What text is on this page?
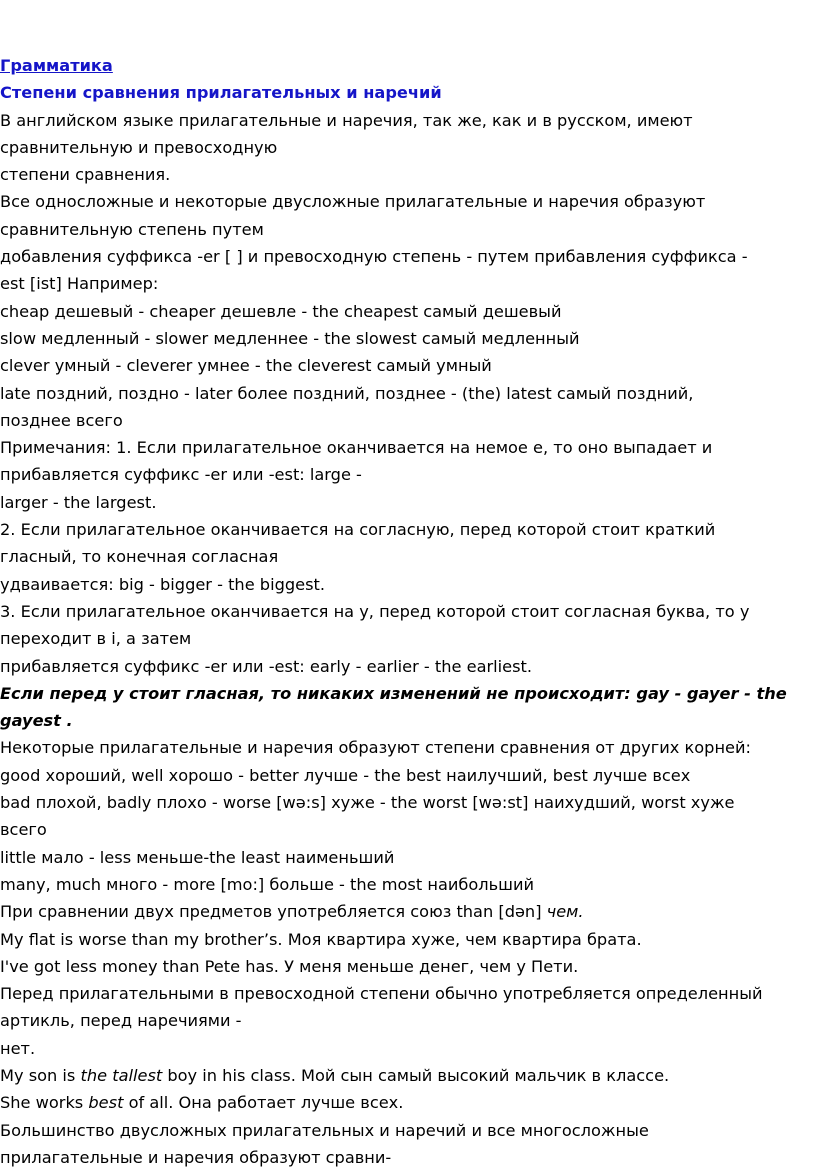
Грамматика

Степени сравнения прилагательных и наречий

В английском языке прилагательные и наречия, так же, как и в русском, имеют

сравнительную и превосходную

степени сравнения.

Все односложные и некоторые двусложные прилагательные и наречия образуют

сравнительную степень путем

добавления суффикса -er [ ] и превосходную степень - путем прибавления суффикса -

est [ist] Например:

cheap дешевый - cheaper дешевле - the cheapest самый дешевый

slow медленный - slower медленнее - the slowest самый медленный

clever умный - cleverer умнее - the cleverest самый умный

late поздний, поздно - later более поздний, позднее - (the) latest самый поздний,

позднее всего

Примечания: 1. Если прилагательное оканчивается на немое е, то оно выпадает и

прибавляется суффикс -er или -est: large -

larger - the largest.

2. Если прилагательное оканчивается на согласную, перед которой стоит краткий

гласный, то конечная согласная

удваивается: big - bigger - the biggest.

3. Если прилагательное оканчивается на y, перед которой стоит согласная буква, то y

переходит в i, а затем

прибавляется суффикс -er или -est: early - earlier - the earliest.

Если перед y стоит гласная, то никаких изменений не происходит: gay - gayer - the

gayest .

Некоторые прилагательные и наречия образуют степени сравнения от других корней:

good хороший, well хорошо - better лучше - the best наилучший, best лучше всех

bad плохой, badly плохо - worse [wə:s] хуже - the worst [wə:st] наихудший, worst хуже

всего

little мало - less меньше-the least наименьший

many, much много - more [mo:] больше - the most наибольший

При сравнении двух предметов употребляется союз than [dən] чем.

My flat is worse than my brother’s. Моя квартира хуже, чем квартира брата.

I've got less money than Pete has. У меня меньше денег, чем у Пети.

Перед прилагательными в превосходной степени обычно употребляется определенный

артикль, перед наречиями -

нет.

My son is the tallest boy in his class. Мой сын самый высокий мальчик в классе.

She works best of all. Она работает лучше всех.

Большинство двусложных прилагательных и наречий и все многосложные

прилагательные и наречия образуют сравни-
